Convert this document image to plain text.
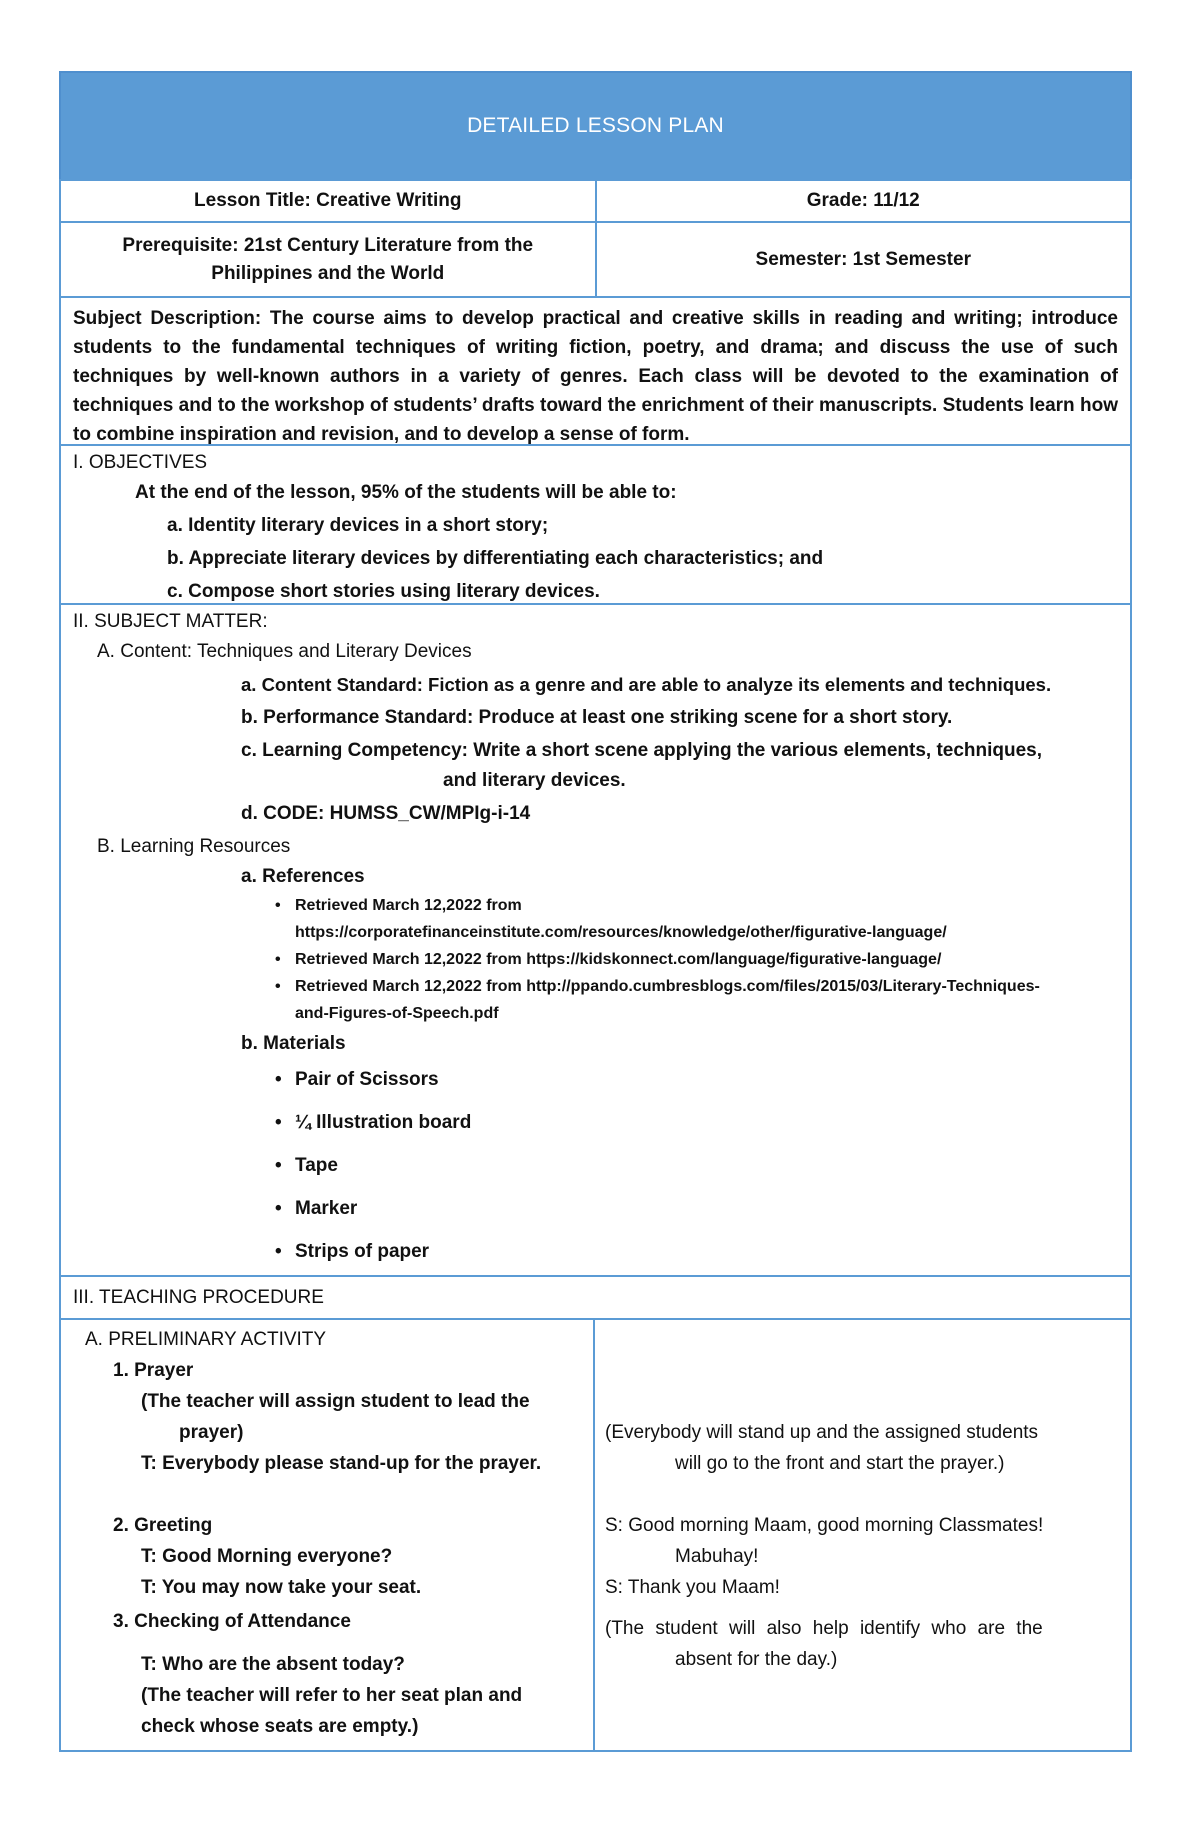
DETAILED LESSON PLAN
Lesson Title: Creative Writing	Grade: 11/12
Prerequisite: 21st Century Literature from the
Philippines and the World
Semester: 1st Semester
Subject Description: The course aims to develop practical and creative skills in reading and writing; introduce students to the fundamental techniques of writing fiction, poetry, and drama; and discuss the use of such techniques by well-known authors in a variety of genres. Each class will be devoted to the examination of techniques and to the workshop of students’ drafts toward the enrichment of their manuscripts. Students learn how to combine inspiration and revision, and to develop a sense of form.
I. OBJECTIVES
At the end of the lesson, 95% of the students will be able to:
a. Identity literary devices in a short story;
b. Appreciate literary devices by differentiating each characteristics; and
c. Compose short stories using literary devices.
II. SUBJECT MATTER:
A. Content: Techniques and Literary Devices
a. Content Standard: Fiction as a genre and are able to analyze its elements and techniques.
b. Performance Standard: Produce at least one striking scene for a short story.
c. Learning Competency: Write a short scene applying the various elements, techniques,
and literary devices.
d. CODE: HUMSS_CW/MPIg-i-14
B. Learning Resources
a. References
• Retrieved March 12,2022 from
https://corporatefinanceinstitute.com/resources/knowledge/other/figurative-language/
• Retrieved March 12,2022 from https://kidskonnect.com/language/figurative-language/
• Retrieved March 12,2022 from http://ppando.cumbresblogs.com/files/2015/03/Literary-Techniques-
and-Figures-of-Speech.pdf
b. Materials
• Pair of Scissors
• ¼ Illustration board
• Tape
• Marker
• Strips of paper
III. TEACHING PROCEDURE
A. PRELIMINARY ACTIVITY
1. Prayer
(The teacher will assign student to lead the
prayer)
T: Everybody please stand-up for the prayer.
2. Greeting
T: Good Morning everyone?
T: You may now take your seat.
3. Checking of Attendance
T: Who are the absent today?
(The teacher will refer to her seat plan and
check whose seats are empty.)
(Everybody will stand up and the assigned students
will go to the front and start the prayer.)
S: Good morning Maam, good morning Classmates!
Mabuhay!
S: Thank you Maam!
(The student will also help identify who are the
absent for the day.)
